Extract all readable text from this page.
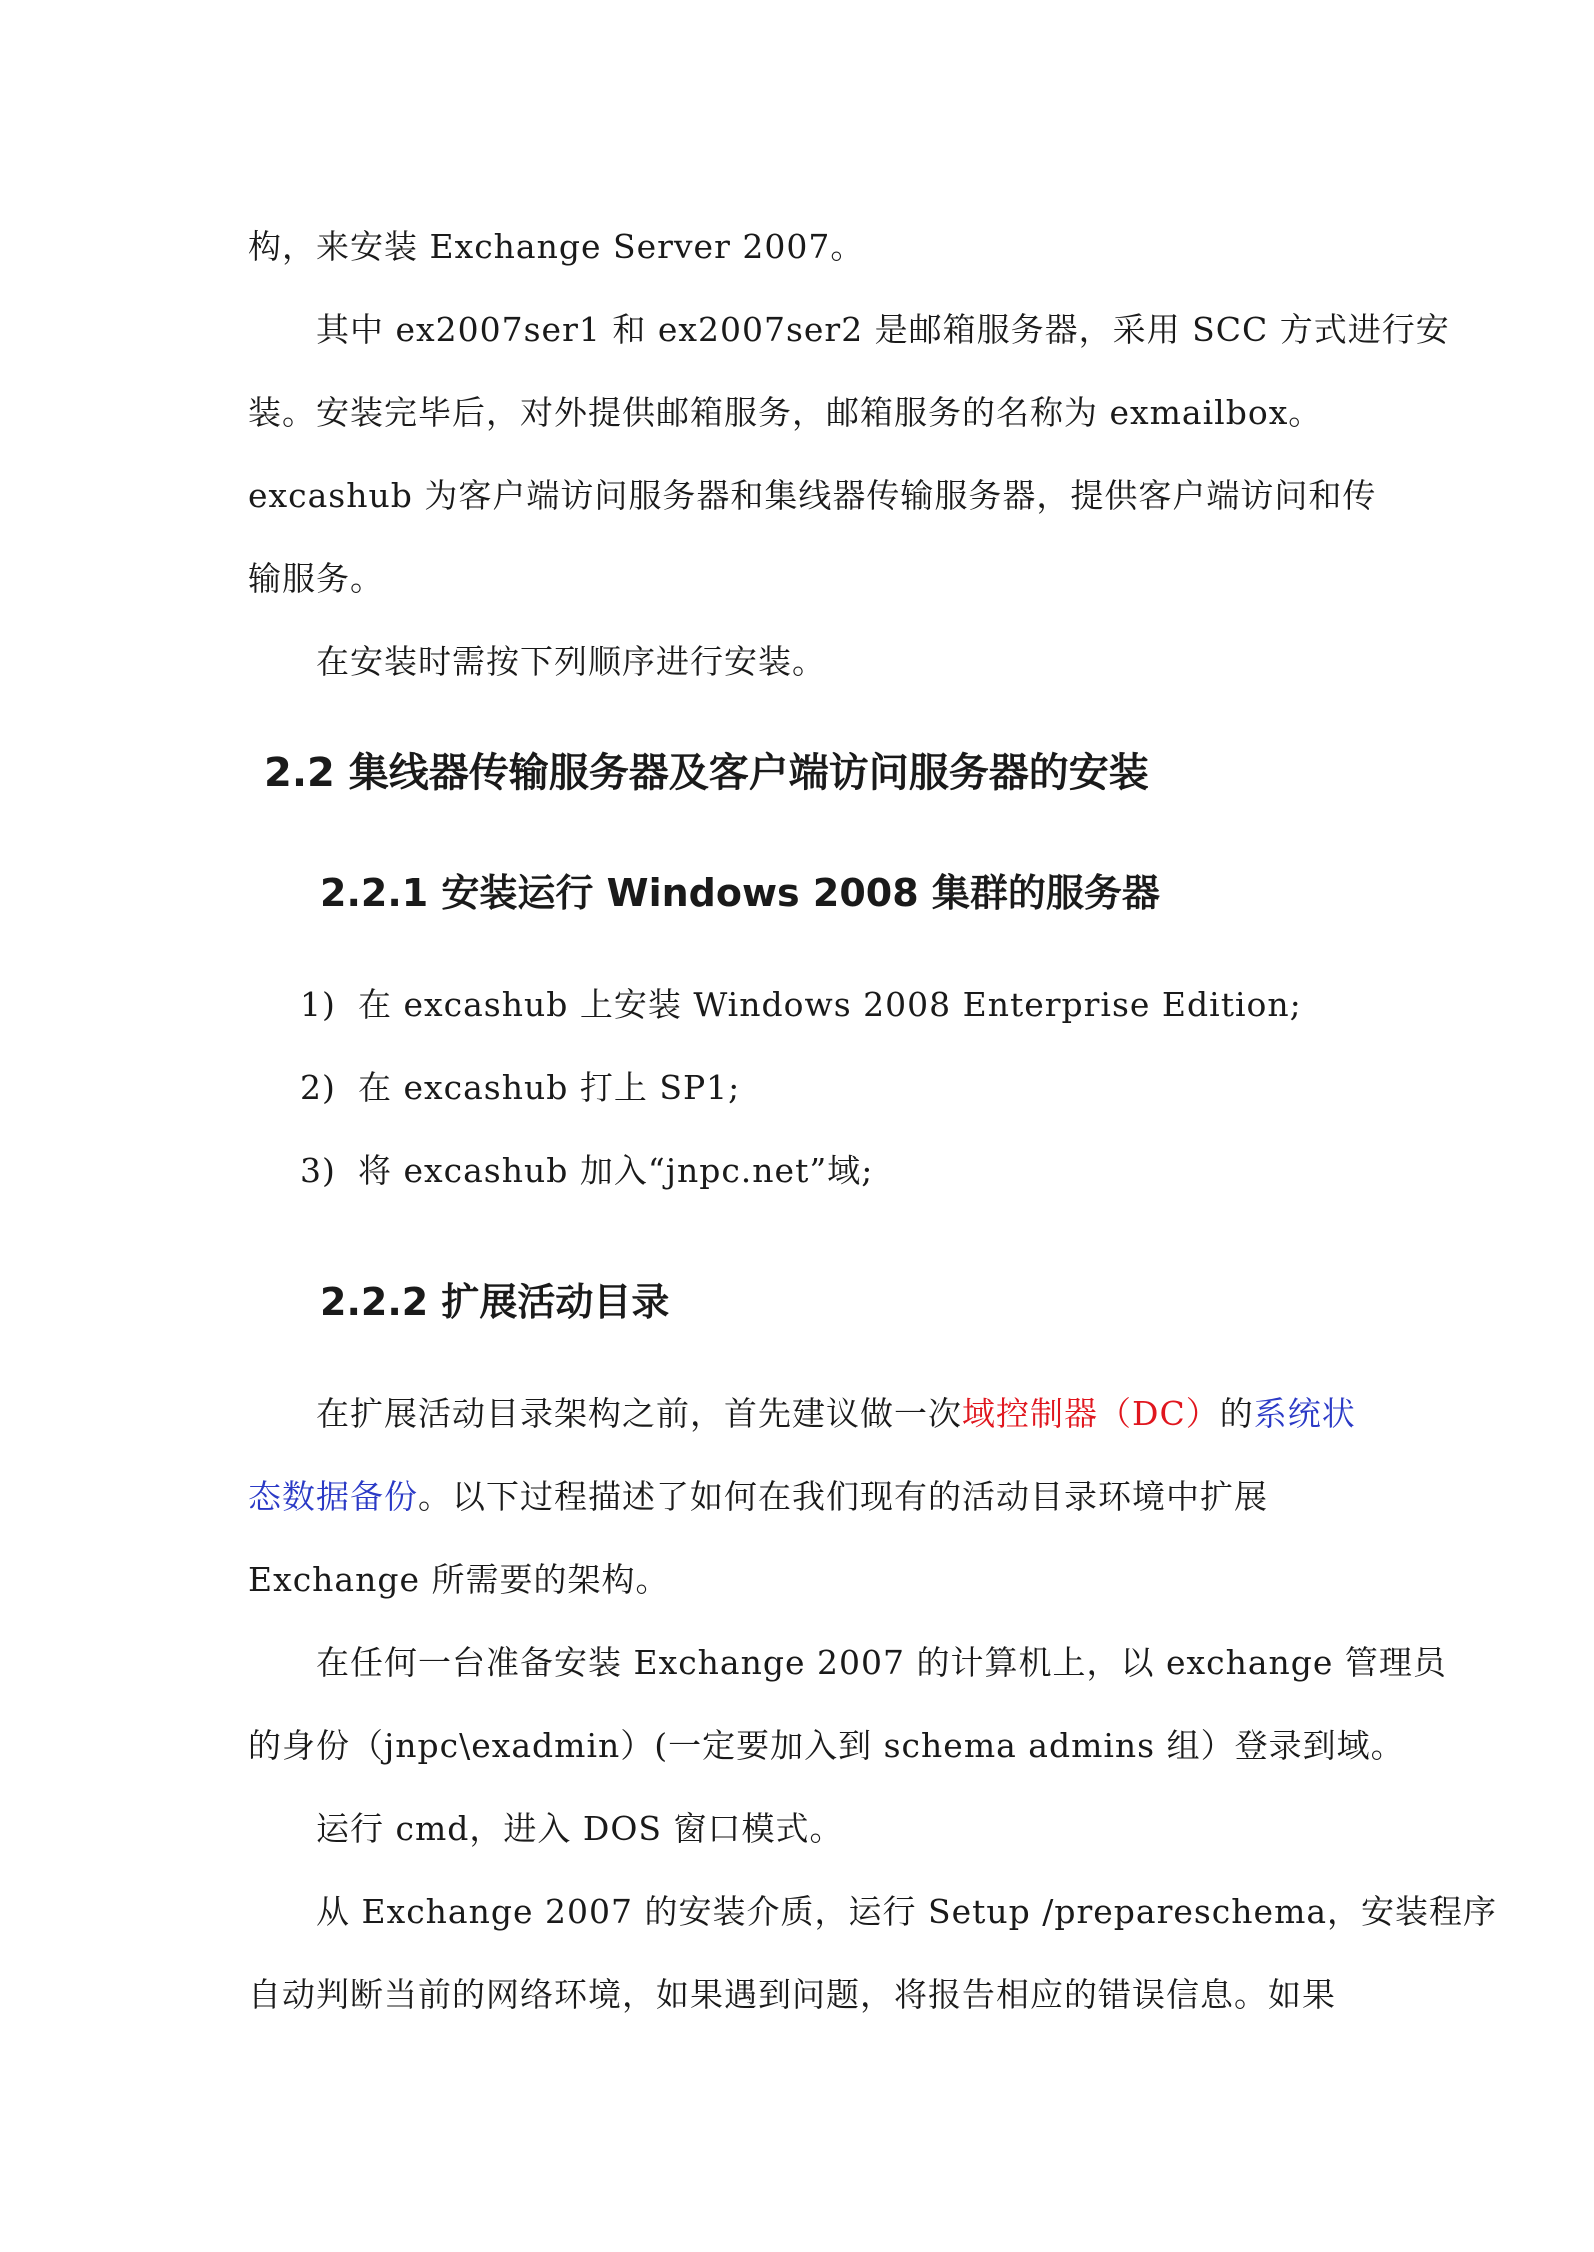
构，来安装 Exchange Server 2007。

其中 ex2007ser1 和 ex2007ser2 是邮箱服务器，采用 SCC 方式进行安

装。安装完毕后，对外提供邮箱服务，邮箱服务的名称为 exmailbox。

excashub 为客户端访问服务器和集线器传输服务器，提供客户端访问和传

输服务。

在安装时需按下列顺序进行安装。

2.2 集线器传输服务器及客户端访问服务器的安装
2.2.1 安装运行 Windows 2008 集群的服务器
1) 在 excashub 上安装 Windows 2008 Enterprise Edition;
2) 在 excashub 打上 SP1;
3) 将 excashub 加入“jnpc.net”域;
2.2.2 扩展活动目录

在扩展活动目录架构之前，首先建议做一次域控制器（DC）的系统状

态数据备份。以下过程描述了如何在我们现有的活动目录环境中扩展

Exchange 所需要的架构。

在任何一台准备安装 Exchange 2007 的计算机上，以 exchange 管理员

的身份（jnpc\exadmin）(一定要加入到 schema admins 组）登录到域。

运行 cmd，进入 DOS 窗口模式。

从 Exchange 2007 的安装介质，运行 Setup /prepareschema，安装程序

自动判断当前的网络环境，如果遇到问题，将报告相应的错误信息。如果
